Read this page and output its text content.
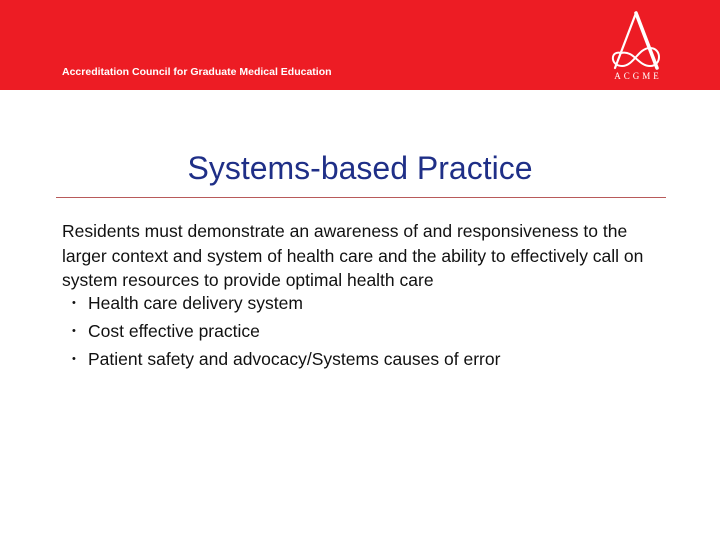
Accreditation Council for Graduate Medical Education	ACGME
Systems-based Practice

Residents must demonstrate an awareness of and responsiveness to the larger context and system of health care and the ability to effectively call on system resources to provide optimal health care

• Health care delivery system
• Cost effective practice
• Patient safety and advocacy/Systems causes of error
